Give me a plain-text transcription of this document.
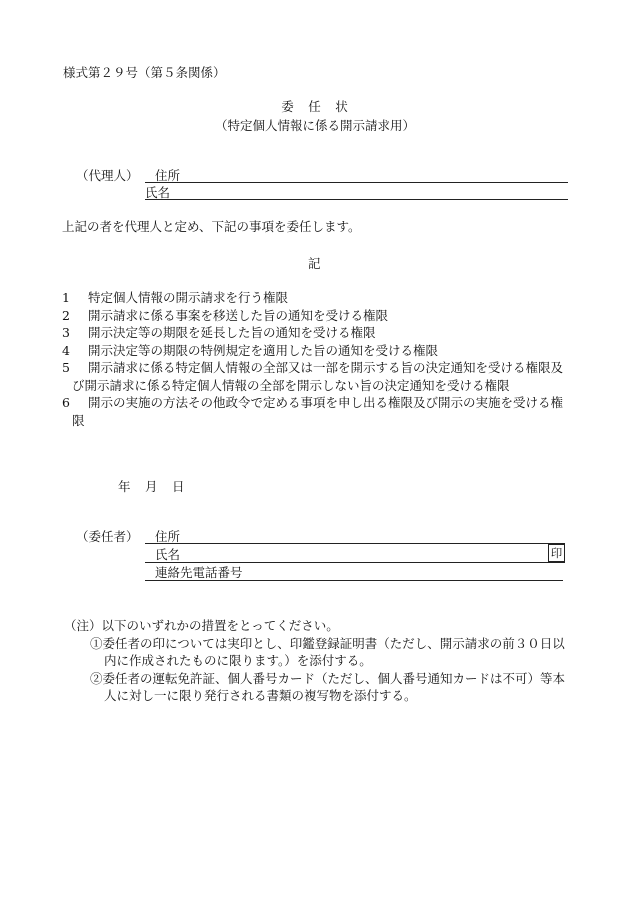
様式第２９号（第５条関係）
委　任　状
（特定個人情報に係る開示請求用）
（代理人） 住所
氏名
上記の者を代理人と定め、下記の事項を委任します。
記
1 特定個人情報の開示請求を行う権限
2 開示請求に係る事案を移送した旨の通知を受ける権限
3 開示決定等の期限を延長した旨の通知を受ける権限
4 開示決定等の期限の特例規定を適用した旨の通知を受ける権限
5 開示請求に係る特定個人情報の全部又は一部を開示する旨の決定通知を受ける権限及び開示請求に係る特定個人情報の全部を開示しない旨の決定通知を受ける権限
6 開示の実施の方法その他政令で定める事項を申し出る権限及び開示の実施を受ける権限
年　月　日
（委任者） 住所
氏名	印
連絡先電話番号
（注）以下のいずれかの措置をとってください。
①委任者の印については実印とし、印鑑登録証明書（ただし、開示請求の前３０日以内に作成されたものに限ります。）を添付する。
②委任者の運転免許証、個人番号カード（ただし、個人番号通知カードは不可）等本人に対し一に限り発行される書類の複写物を添付する。
